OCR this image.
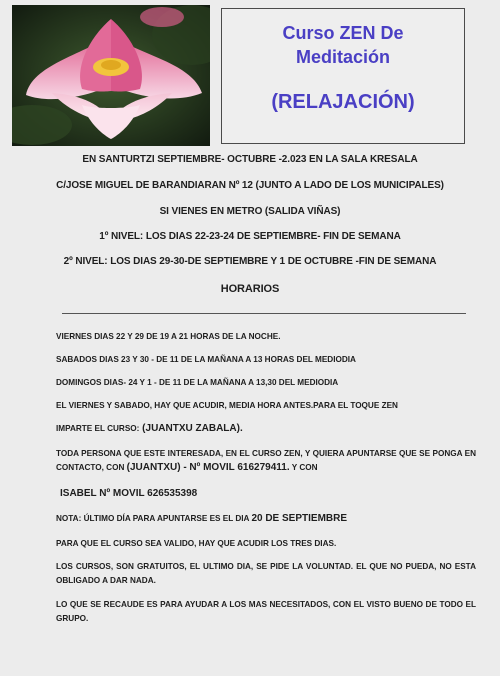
Curso ZEN De
Meditación
(RELAJACIÓN)
EN SANTURTZI SEPTIEMBRE- OCTUBRE -2.023 EN LA SALA KRESALA
C/JOSE MIGUEL DE BARANDIARAN Nº 12 (JUNTO A LADO DE LOS MUNICIPALES)
SI VIENES EN METRO (SALIDA VIÑAS)
1º NIVEL: LOS DIAS 22-23-24 DE SEPTIEMBRE- FIN DE SEMANA
2º NIVEL: LOS DIAS 29-30-DE SEPTIEMBRE Y 1 DE OCTUBRE -FIN DE SEMANA
HORARIOS
VIERNES DIAS 22 Y 29 DE 19 A 21 HORAS DE LA NOCHE.
SABADOS DIAS 23 Y 30 - DE 11 DE LA MAÑANA A 13 HORAS DEL MEDIODIA
DOMINGOS DIAS- 24 Y 1 - DE 11 DE LA MAÑANA A 13,30 DEL MEDIODIA
EL VIERNES Y SABADO, HAY QUE ACUDIR, MEDIA HORA ANTES.PARA EL TOQUE ZEN
IMPARTE EL CURSO: (JUANTXU ZABALA).
TODA PERSONA QUE ESTE INTERESADA, EN EL CURSO ZEN, Y QUIERA APUNTARSE QUE SE PONGA EN CONTACTO, CON (JUANTXU) - Nº MOVIL 616279411. Y CON
ISABEL Nº MOVIL 626535398
NOTA: ÚLTIMO DÍA PARA APUNTARSE ES EL DIA 20 DE SEPTIEMBRE
PARA QUE EL CURSO SEA VALIDO, HAY QUE ACUDIR LOS TRES DIAS.
LOS CURSOS, SON GRATUITOS, EL ULTIMO DIA, SE PIDE LA VOLUNTAD. EL QUE NO PUEDA, NO ESTA OBLIGADO A DAR NADA.
LO QUE SE RECAUDE ES PARA AYUDAR A LOS MAS NECESITADOS, CON EL VISTO BUENO DE TODO EL GRUPO.
